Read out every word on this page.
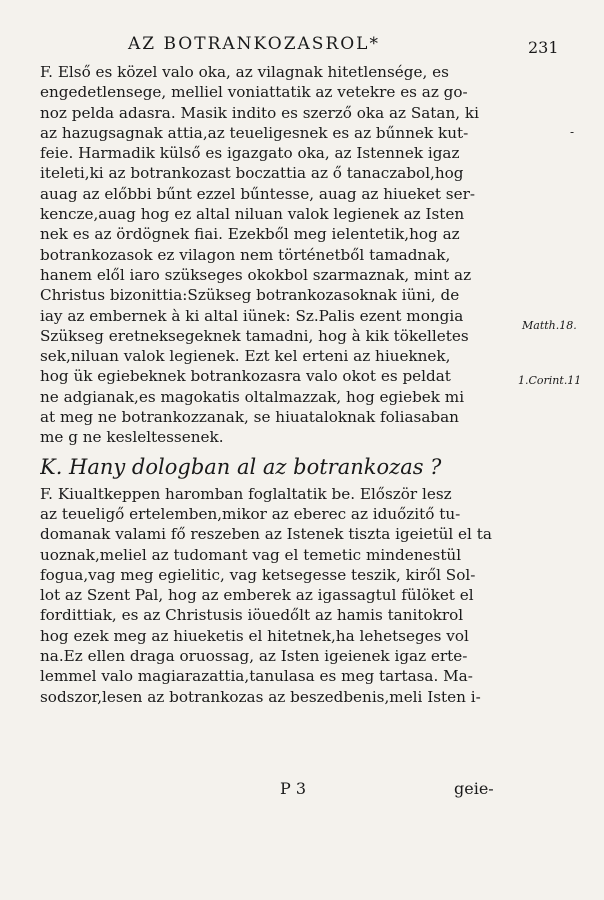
AZ BOTRANKOZASROL*	231
-
F. Első es közel valo oka, az vilagnak hitetlensége, es
engedetlensege, melliel voniattatik az vetekre es az go-
noz pelda adasra. Masik indito es szerző oka az Satan, ki
az hazugsagnak attia,az teueligesnek es az bűnnek kut-
feie. Harmadik külső es igazgato oka, az Istennek igaz
iteleti,ki az botrankozast boczattia az ő tanaczabol,hog
auag az előbbi bűnt ezzel bűntesse, auag az hiueket ser-
kencze,auag hog ez altal niluan valok legienek az Isten
nek es az ördögnek fiai. Ezekből meg ielentetik,hog az
botrankozasok ez vilagon nem történetből tamadnak,
hanem elől iaro szükseges okokbol szarmaznak, mint az
Christus bizonittia:Szükseg botrankozasoknak iüni, de
iay az embernek à ki altal iünek: Sz.Palis ezent mongia
Szükseg eretneksegeknek tamadni, hog à kik tökelletes
sek,niluan valok legienek. Ezt kel erteni az hiueknek,
hog ük egiebeknek botrankozasra valo okot es peldat
ne adgianak,es magokatis oltalmazzak, hog egiebek mi
at meg ne botrankozzanak, se hiuataloknak foliasaban
me g ne kesleltessenek.
K. Hany dologban al az botrankozas ?
F. Kiualtkeppen haromban foglaltatik be. Először lesz
az teueligő ertelemben,mikor az eberec az iduőzitő tu-
domanak valami fő reszeben az Istenek tiszta igeietül el ta
uoznak,meliel az tudomant vag el temetic mindenestül
fogua,vag meg egielitic, vag ketsegesse teszik, kiről Sol-
lot az Szent Pal, hog az emberek az igassagtul fülöket el
fordittiak, es az Christusis iöuedőlt az hamis tanitokrol
hog ezek meg az hiueketis el hitetnek,ha lehetseges vol
na.Ez ellen draga oruossag, az Isten igeienek igaz erte-
lemmel valo magiarazattia,tanulasa es meg tartasa. Ma-
sodszor,lesen az botrankozas az beszedbenis,meli Isten i-
Matth.18.
1.Corint.11
P 3	geie-
